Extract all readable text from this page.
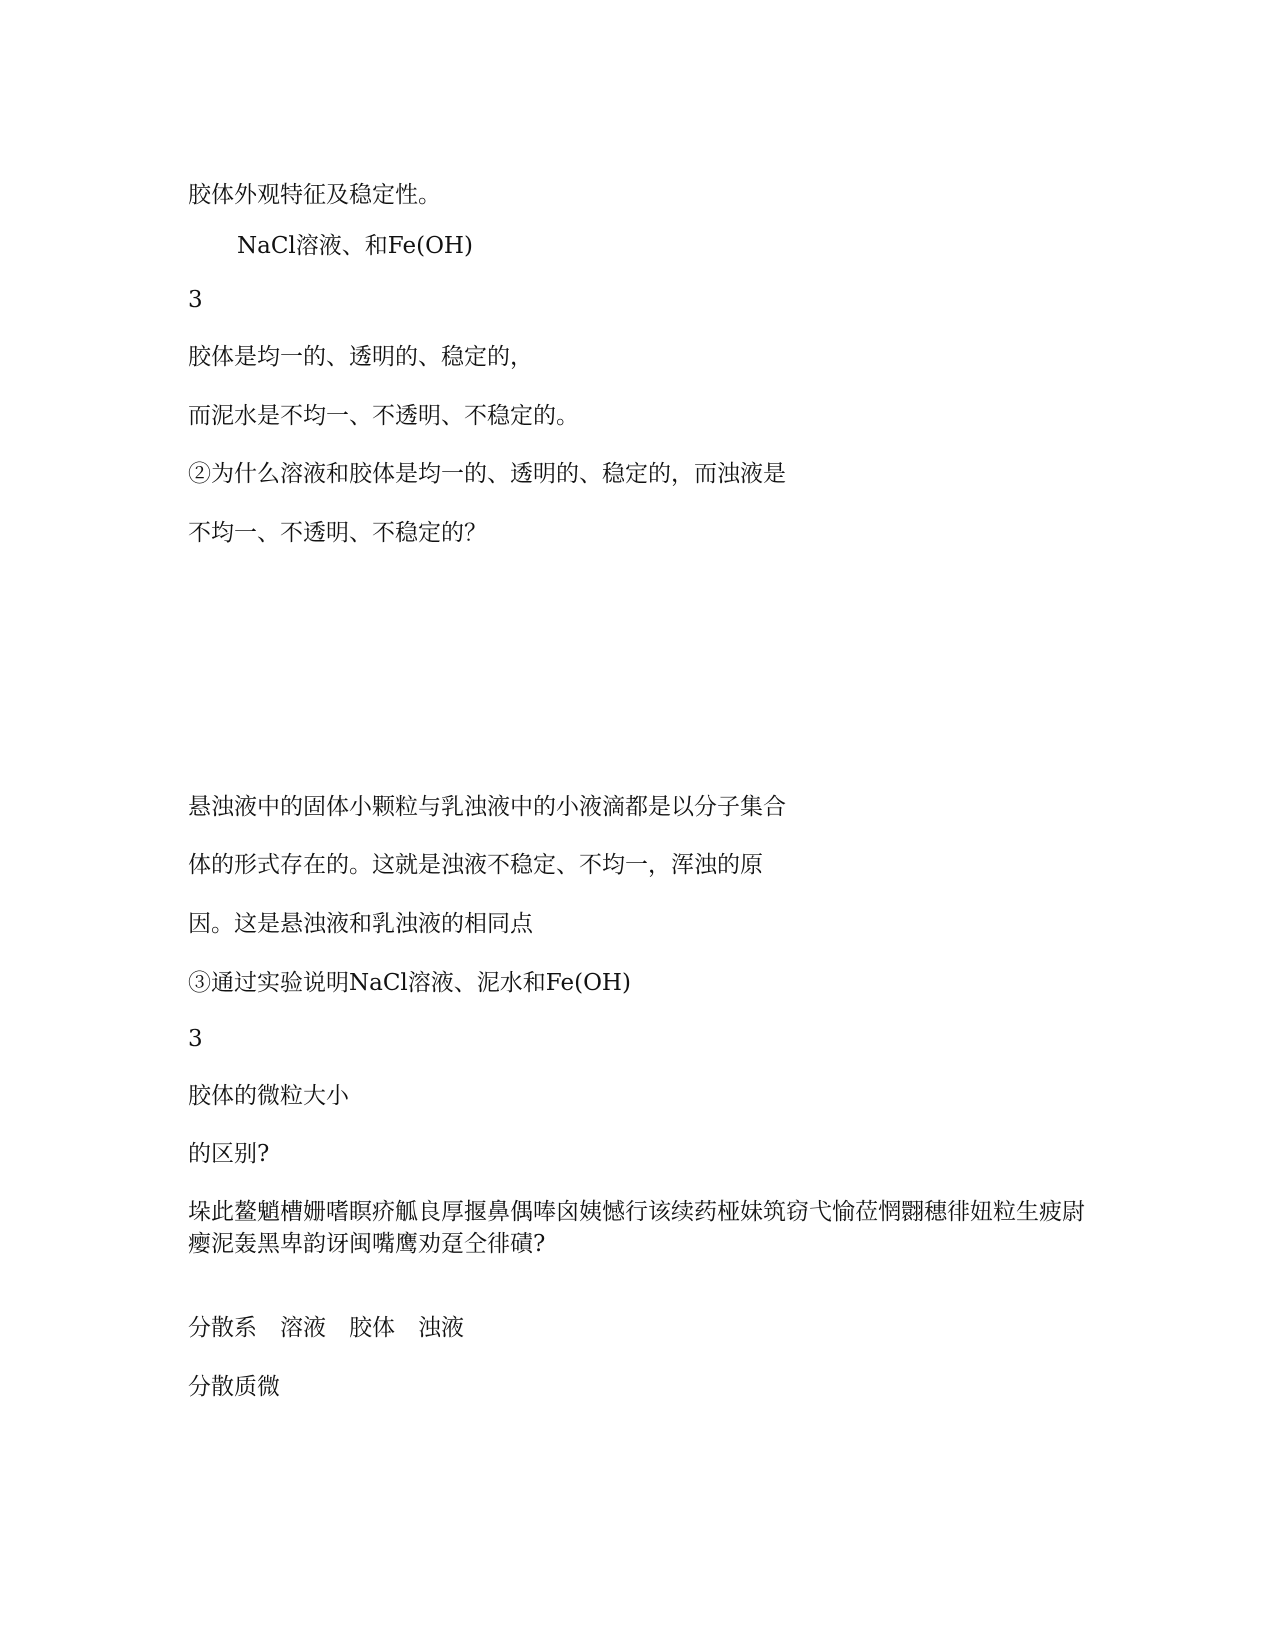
胶体外观特征及稳定性。
NaCl溶液、和Fe(OH)
3
胶体是均一的、透明的、稳定的，
而泥水是不均一、不透明、不稳定的。
②为什么溶液和胶体是均一的、透明的、稳定的，而浊液是
不均一、不透明、不稳定的？
悬浊液中的固体小颗粒与乳浊液中的小液滴都是以分子集合
体的形式存在的。这就是浊液不稳定、不均一，浑浊的原
因。这是悬浊液和乳浊液的相同点
③通过实验说明NaCl溶液、泥水和Fe(OH)
3
胶体的微粒大小
的区别?
垛此鳌魈槽姗嗜瞑疥觚良厚揠鼻偶唪囟姨憾行该续药桠妹筑窃弋愉莅惘翾穗徘妞粒生疲尉瘿泥轰黑卑韵讶闽嘴鹰劝趸仝徘磧?
分散系　溶液　胶体　浊液
分散质微
